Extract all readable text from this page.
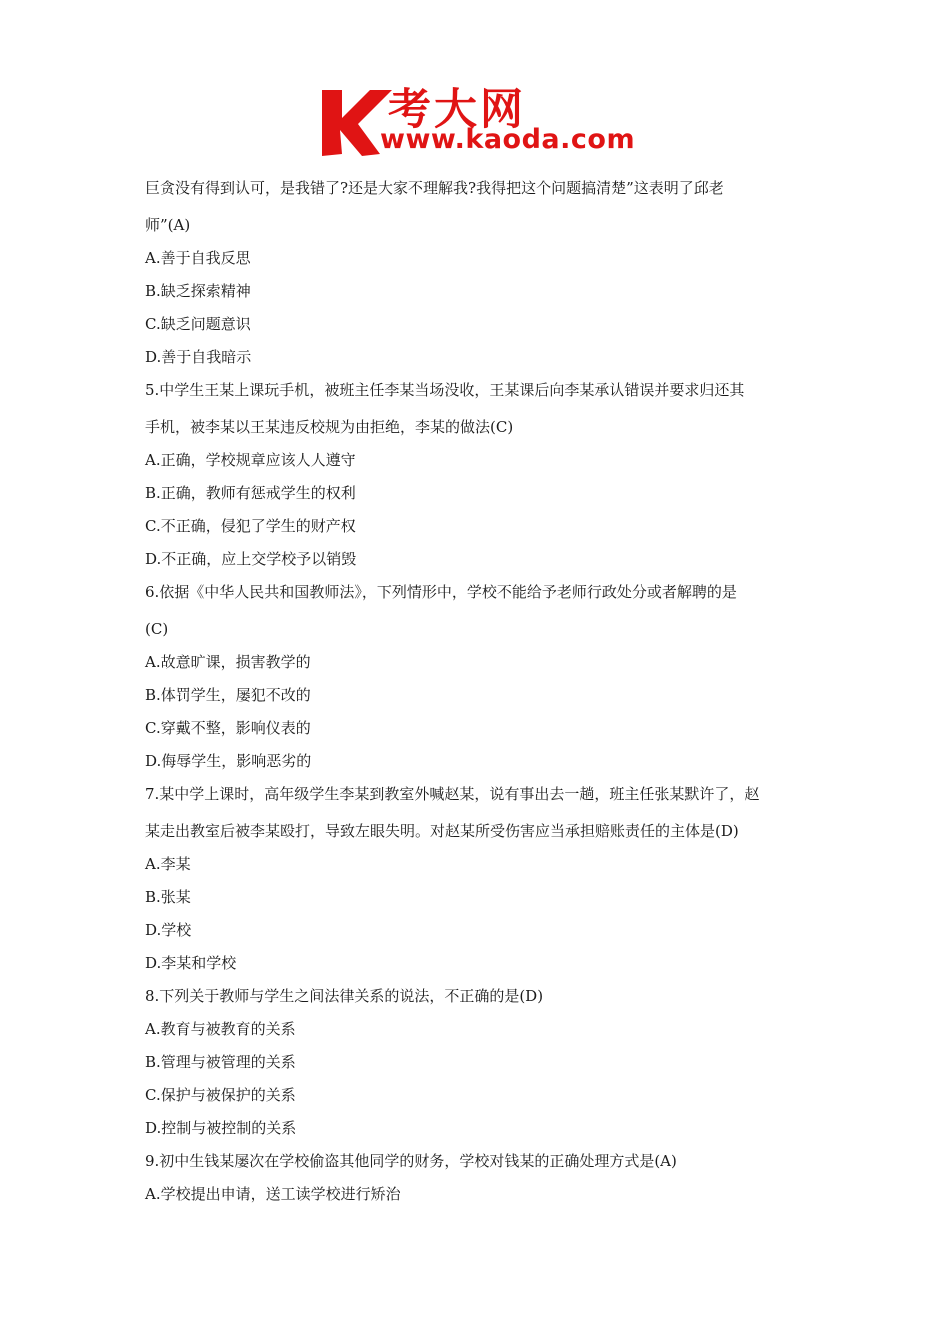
考大网
www.kaoda.com
巨贪没有得到认可，是我错了?还是大家不理解我?我得把这个问题搞清楚”这表明了邱老
师”(A)
A.善于自我反思
B.缺乏探索精神
C.缺乏问题意识
D.善于自我暗示
5.中学生王某上课玩手机，被班主任李某当场没收，王某课后向李某承认错误并要求归还其
手机，被李某以王某违反校规为由拒绝，李某的做法(C)
A.正确，学校规章应该人人遵守
B.正确，教师有惩戒学生的权利
C.不正确，侵犯了学生的财产权
D.不正确，应上交学校予以销毁
6.依据《中华人民共和国教师法》，下列情形中，学校不能给予老师行政处分或者解聘的是
(C)
A.故意旷课，损害教学的
B.体罚学生，屡犯不改的
C.穿戴不整，影响仪表的
D.侮辱学生，影响恶劣的
7.某中学上课时，高年级学生李某到教室外喊赵某，说有事出去一趟，班主任张某默许了，赵
某走出教室后被李某殴打，导致左眼失明。对赵某所受伤害应当承担赔账责任的主体是(D)
A.李某
B.张某
D.学校
D.李某和学校
8.下列关于教师与学生之间法律关系的说法，不正确的是(D)
A.教育与被教育的关系
B.管理与被管理的关系
C.保护与被保护的关系
D.控制与被控制的关系
9.初中生钱某屡次在学校偷盗其他同学的财务，学校对钱某的正确处理方式是(A)
A.学校提出申请，送工读学校进行矫治
